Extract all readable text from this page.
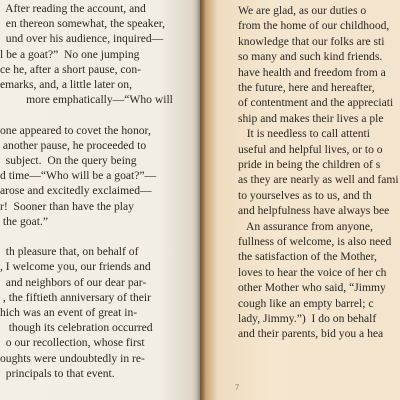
After reading the account, and
en thereon somewhat, the speaker,
und over his audience, inquired—
l be a goat?”  No one jumping
ce he, after a short pause, con-
emarks, and, a little later on,
more emphatically—“Who will
one appeared to covet the honor,
another pause, he proceeded to
subject.  On the query being
d time—“Who will be a goat?”—
arose and excitedly exclaimed—
r!  Sooner than have the play
the goat.”
th pleasure that, on behalf of
, I welcome you, our friends and
and neighbors of our dear par-
, the fiftieth anniversary of their
hich was an event of great in-
though its celebration occurred
o our recollection, whose first
oughts were undoubtedly in re-
principals to that event.
7
We are glad, as our duties o
from the home of our childhood,
knowledge that our folks are sti
so many and such kind friends.
have health and freedom from a
the future, here and hereafter,
of contentment and the appreciati
ship and makes their lives a ple
It is needless to call attenti
useful and helpful lives, or to o
pride in being the children of s
as they are nearly as well and fami
to yourselves as to us, and th
and helpfulness have always bee
An assurance from anyone,
fullness of welcome, is also need
the satisfaction of the Mother,
loves to hear the voice of her ch
other Mother who said, “Jimmy
cough like an empty barrel; c
lady, Jimmy.”)  I do on behalf
and their parents, bid you a hea
